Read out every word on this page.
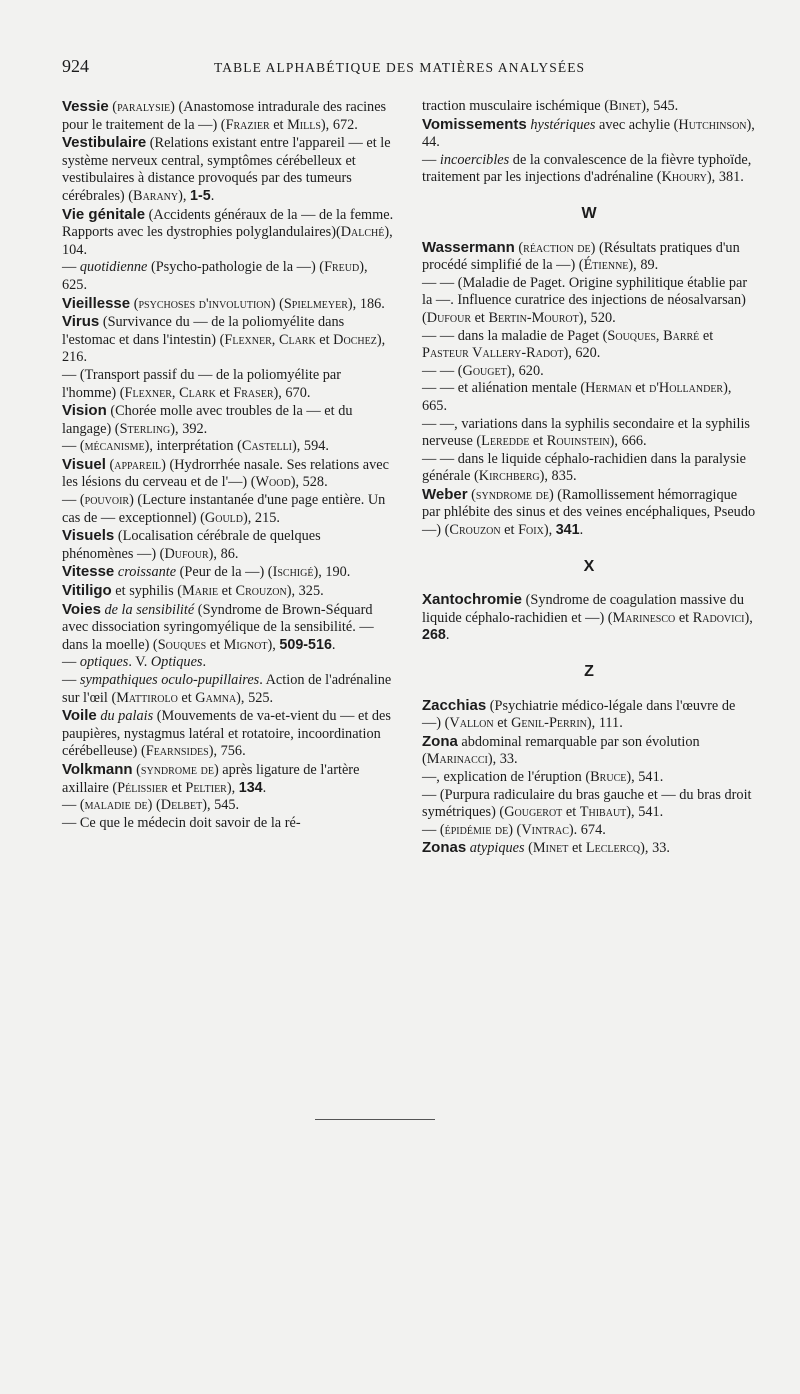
924	TABLE ALPHABÉTIQUE DES MATIÈRES ANALYSÉES
Vessie (paralysie) (Anastomose intradurale des racines pour le traitement de la —) (Frazier et Mills), 672.
Vestibulaire (Relations existant entre l'appareil — et le système nerveux central, symptômes cérébelleux et vestibulaires à distance provoqués par des tumeurs cérébrales) (Barany), 1-5.
Vie génitale (Accidents généraux de la — de la femme. Rapports avec les dystrophies polyglandulaires)(Dalché), 104.
— quotidienne (Psycho-pathologie de la —) (Freud), 625.
Vieillesse (psychoses d'involution) (Spielmeyer), 186.
Virus (Survivance du — de la poliomyélite dans l'estomac et dans l'intestin) (Flexner, Clark et Dochez), 216.
— (Transport passif du — de la poliomyélite par l'homme) (Flexner, Clark et Fraser), 670.
Vision (Chorée molle avec troubles de la — et du langage) (Sterling), 392.
— (mécanisme), interprétation (Castelli), 594.
Visuel (appareil) (Hydrorrhée nasale. Ses relations avec les lésions du cerveau et de l'—) (Wood), 528.
— (pouvoir) (Lecture instantanée d'une page entière. Un cas de — exceptionnel) (Gould), 215.
Visuels (Localisation cérébrale de quelques phénomènes —) (Dufour), 86.
Vitesse croissante (Peur de la —) (Ischigé), 190.
Vitiligo et syphilis (Marie et Crouzon), 325.
Voies de la sensibilité (Syndrome de Brown-Séquard avec dissociation syringomyélique de la sensibilité. — dans la moelle) (Souques et Mignot), 509-516.
— optiques. V. Optiques.
— sympathiques oculo-pupillaires. Action de l'adrénaline sur l'œil (Mattirolo et Gamna), 525.
Voile du palais (Mouvements de va-et-vient du — et des paupières, nystagmus latéral et rotatoire, incoordination cérébelleuse) (Fearnsides), 756.
Volkmann (syndrome de) après ligature de l'artère axillaire (Pélissier et Peltier), 134.
— (maladie de) (Delbet), 545.
— Ce que le médecin doit savoir de la ré-
traction musculaire ischémique (Binet), 545.
Vomissements hystériques avec achylie (Hutchinson), 44.
— incoercibles de la convalescence de la fièvre typhoïde, traitement par les injections d'adrénaline (Khoury), 381.
W
Wassermann (réaction de) (Résultats pratiques d'un procédé simplifié de la —) (Étienne), 89.
— — (Maladie de Paget. Origine syphilitique établie par la —. Influence curatrice des injections de néosalvarsan) (Dufour et Bertin-Mourot), 520.
— — dans la maladie de Paget (Souques, Barré et Pasteur Vallery-Radot), 620.
— — (Gouget), 620.
— — et aliénation mentale (Herman et d'Hollander), 665.
— —, variations dans la syphilis secondaire et la syphilis nerveuse (Leredde et Rouinstein), 666.
— — dans le liquide céphalo-rachidien dans la paralysie générale (Kirchberg), 835.
Weber (syndrome de) (Ramollissement hémorragique par phlébite des sinus et des veines encéphaliques, Pseudo —) (Crouzon et Foix), 341.
X
Xantochromie (Syndrome de coagulation massive du liquide céphalo-rachidien et —) (Marinesco et Radovici), 268.
Z
Zacchias (Psychiatrie médico-légale dans l'œuvre de —) (Vallon et Genil-Perrin), 111.
Zona abdominal remarquable par son évolution (Marinacci), 33.
—, explication de l'éruption (Bruce), 541.
— (Purpura radiculaire du bras gauche et — du bras droit symétriques) (Gougerot et Thibaut), 541.
— (épidémie de) (Vintrac). 674.
Zonas atypiques (Minet et Leclercq), 33.
